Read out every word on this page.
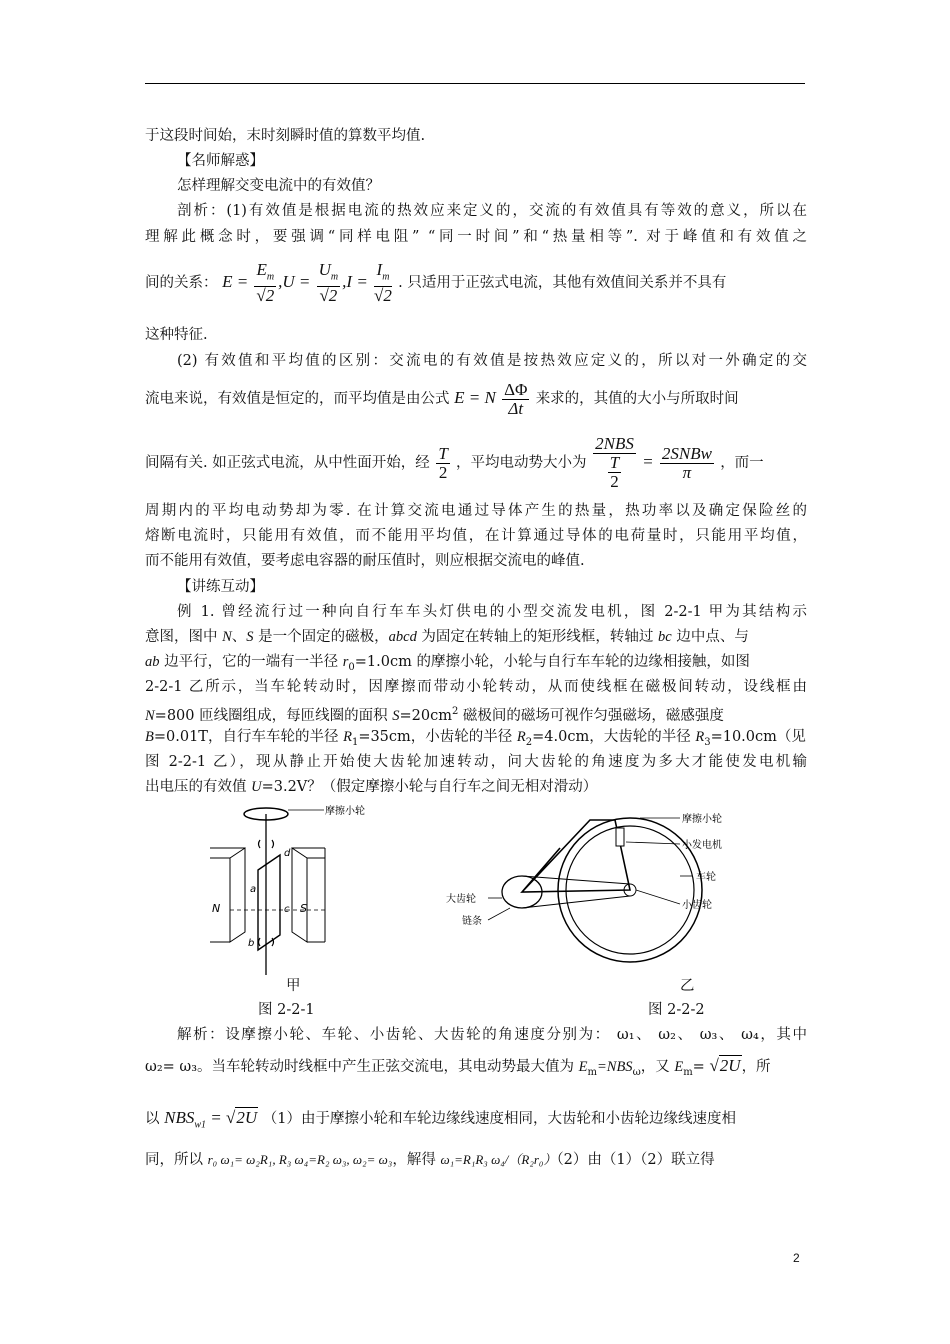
于这段时间始，末时刻瞬时值的算数平均值.
【名师解惑】
怎样理解交变电流中的有效值？
剖析：(1)有效值是根据电流的热效应来定义的，交流的有效值具有等效的意义，所以在
理解此概念时，要强调“同样电阻” “同一时间”和“热量相等”. 对于峰值和有效值之
间的关系： $E = \frac{E_m}{√2} ,U = \frac{U_m}{√2} ,I = \frac{I_m}{√2}$ . 只适用于正弦式电流，其他有效值间关系并不具有
这种特征.
(2) 有效值和平均值的区别：交流电的有效值是按热效应定义的，所以对一外确定的交
流电来说，有效值是恒定的，而平均值是由公式 E = N $\frac{\Delta\Phi}{\Delta t}$ 来求的，其值的大小与所取时间
间隔有关. 如正弦式电流，从中性面开始，经 $\frac{T}{2}$ ，平均电动势大小为 $\frac{\text{2NBS}}{\frac{T}{2}} = \frac{\text{2SNBw}}{\pi}$ ，而一
周期内的平均电动势却为零. 在计算交流电通过导体产生的热量，热功率以及确定保险丝的
熔断电流时，只能用有效值，而不能用平均值，在计算通过导体的电荷量时，只能用平均值，
而不能用有效值，要考虑电容器的耐压值时，则应根据交流电的峰值.
【讲练互动】
例 1. 曾经流行过一种向自行车车头灯供电的小型交流发电机，图 2-2-1 甲为其结构示
意图，图中 N、S 是一个固定的磁极，abcd 为固定在转轴上的矩形线框，转轴过 bc 边中点、与
ab 边平行，它的一端有一半径 $r_0=1.0cm$ 的摩擦小轮，小轮与自行车车轮的边缘相接触，如图
2-2-1 乙所示，当车轮转动时，因摩擦而带动小轮转动，从而使线框在磁极间转动，设线框由
N=800 匝线圈组成，每匝线圈的面积 $S=20cm^2$ 磁极间的磁场可视作匀强磁场，磁感强度
B=0.01T，自行车车轮的半径 $R_1=35cm$，小齿轮的半径 $R_2=4.0cm$，大齿轮的半径 $R_3=10.0cm$（见
图 2-2-1 乙），现从静止开始使大齿轮加速转动，问大齿轮的角速度为多大才能使发电机输
出电压的有效值 U=3.2V？（假定摩擦小轮与自行车之间无相对滑动）
摩擦小轮
N	S
a
b
c
d
甲
图 2-2-1
摩擦小轮
小发电机
车轮
小齿轮
大齿轮
链条
乙
图 2-2-2
解析：设摩擦小轮、车轮、小齿轮、大齿轮的角速度分别为： ω₁、 ω₂、 ω₃、 ω₄，其中
ω₂= ω₃。当车轮转动时线框中产生正弦交流电，其电动势最大值为 $E_m=NBS_\omega$，又 $E_m= √2U$，所
以 $NBS_{w1} = √2U$ （1）由于摩擦小轮和车轮边缘线速度相同，大齿轮和小齿轮边缘线速度相
同，所以 r₀ ω₁= ω₂R₁, R₃ ω₄=R₂ ω₃, ω₂= ω₃，解得 ω₁=R₁R₃ ω₄/（R₂r₀）（2）由（1）（2）联立得
2
